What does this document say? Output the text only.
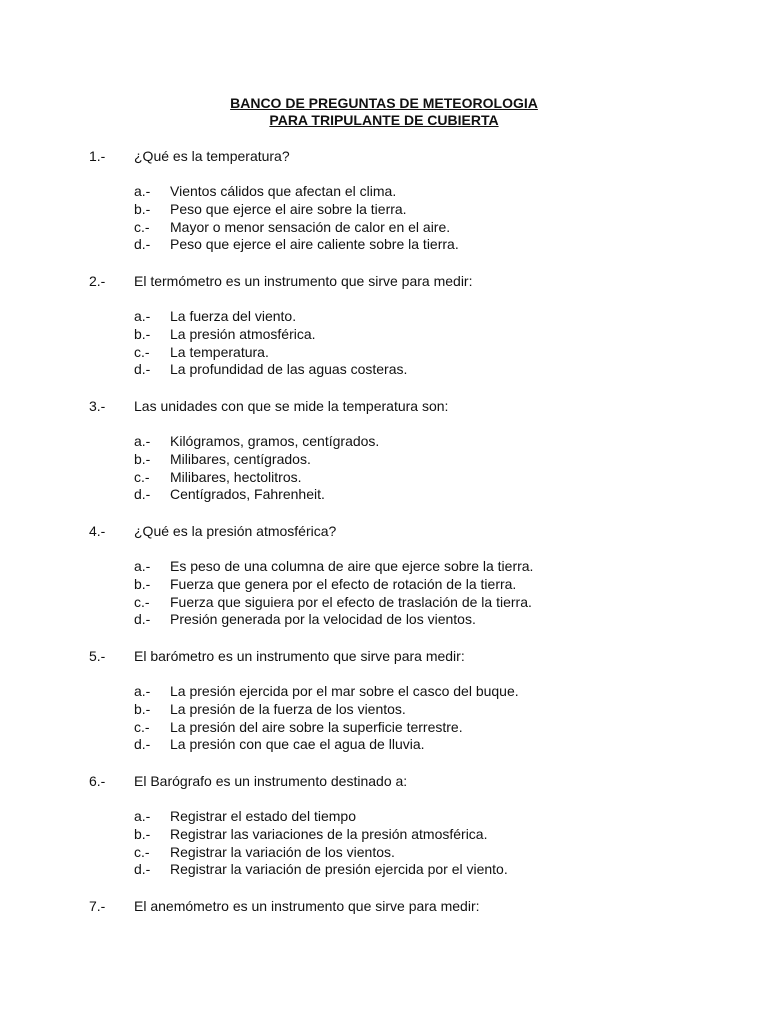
BANCO DE PREGUNTAS DE METEOROLOGIA
PARA TRIPULANTE DE CUBIERTA
1.- ¿Qué es la temperatura?
a.- Vientos cálidos que afectan el clima.
b.- Peso que ejerce el aire sobre la tierra.
c.- Mayor o menor sensación de calor en el aire.
d.- Peso que ejerce el aire caliente sobre la tierra.
2.- El termómetro es un instrumento que sirve para medir:
a.- La fuerza del viento.
b.- La presión atmosférica.
c.- La temperatura.
d.- La profundidad de las aguas costeras.
3.- Las unidades con que se mide la temperatura son:
a.- Kilógramos, gramos, centígrados.
b.- Milibares, centígrados.
c.- Milibares, hectolitros.
d.- Centígrados, Fahrenheit.
4.- ¿Qué es la presión atmosférica?
a.- Es peso de una columna de aire que ejerce sobre la tierra.
b.- Fuerza que genera por el efecto de rotación de la tierra.
c.- Fuerza que siguiera por el efecto de traslación de la tierra.
d.- Presión generada por la velocidad de los vientos.
5.- El barómetro es un instrumento que sirve para medir:
a.- La presión ejercida por el mar sobre el casco del buque.
b.- La presión de la fuerza de los vientos.
c.- La presión del aire sobre la superficie terrestre.
d.- La presión con que cae el agua de lluvia.
6.- El Barógrafo es un instrumento destinado a:
a.- Registrar el estado del tiempo
b.- Registrar las variaciones de la presión atmosférica.
c.- Registrar la variación de los vientos.
d.- Registrar la variación de presión ejercida por el viento.
7.- El anemómetro es un instrumento que sirve para medir:
